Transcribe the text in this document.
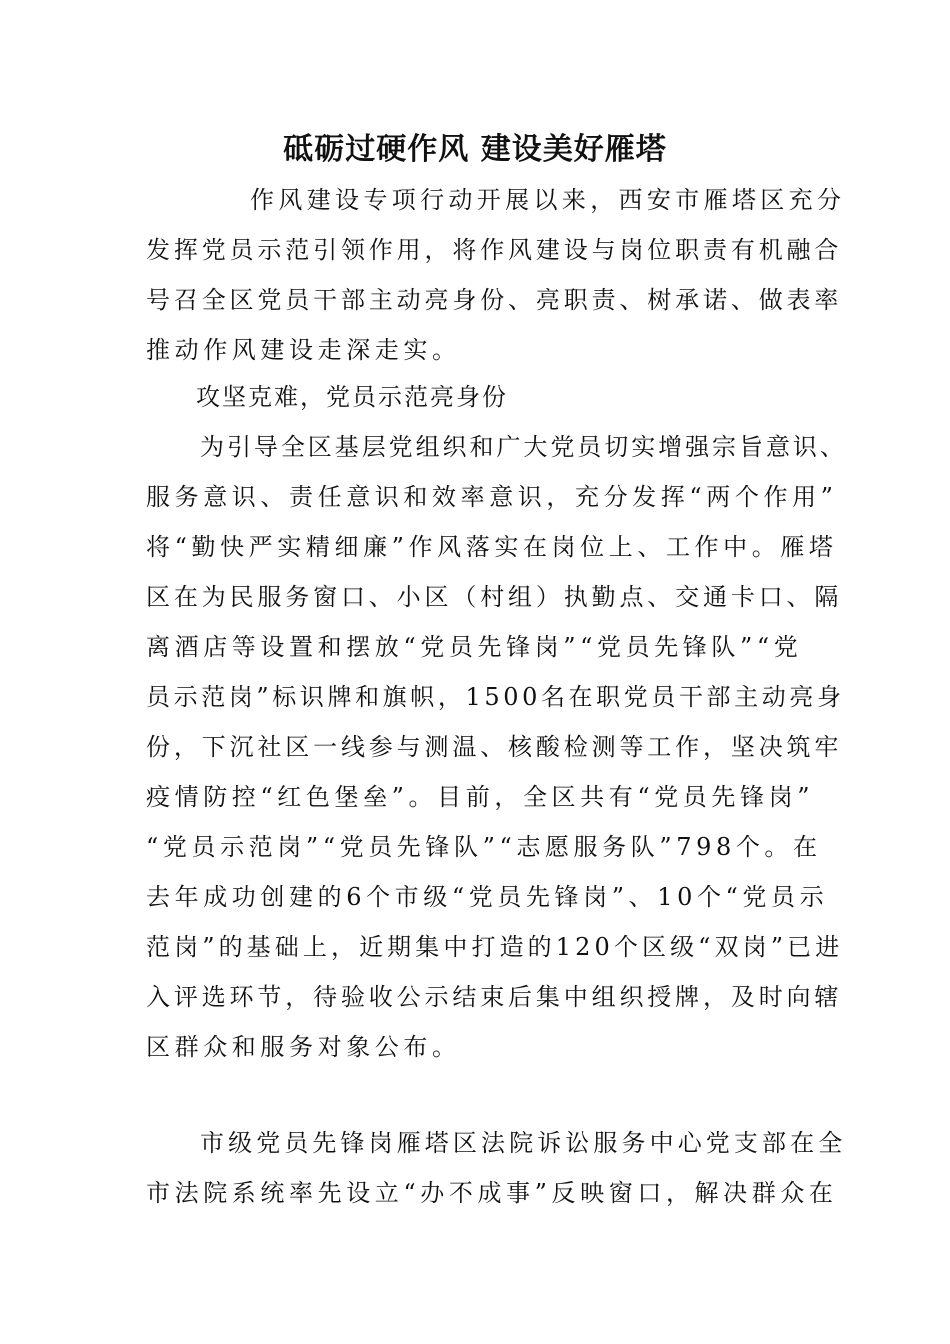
砥砺过硬作风 建设美好雁塔
作风建设专项行动开展以来，西安市雁塔区充分
发挥党员示范引领作用，将作风建设与岗位职责有机融合
号召全区党员干部主动亮身份、亮职责、树承诺、做表率
推动作风建设走深走实。
攻坚克难，党员示范亮身份
为引导全区基层党组织和广大党员切实增强宗旨意识、
服务意识、责任意识和效率意识，充分发挥“两个作用”
将“勤快严实精细廉”作风落实在岗位上、工作中。雁塔
区在为民服务窗口、小区（村组）执勤点、交通卡口、隔
离酒店等设置和摆放“党员先锋岗”“党员先锋队”“党
员示范岗”标识牌和旗帜，1500名在职党员干部主动亮身
份，下沉社区一线参与测温、核酸检测等工作，坚决筑牢
疫情防控“红色堡垒”。目前，全区共有“党员先锋岗”
“党员示范岗”“党员先锋队”“志愿服务队”798个。在
去年成功创建的6个市级“党员先锋岗”、10个“党员示
范岗”的基础上，近期集中打造的120个区级“双岗”已进
入评选环节，待验收公示结束后集中组织授牌，及时向辖
区群众和服务对象公布。
市级党员先锋岗雁塔区法院诉讼服务中心党支部在全
市法院系统率先设立“办不成事”反映窗口，解决群众在
